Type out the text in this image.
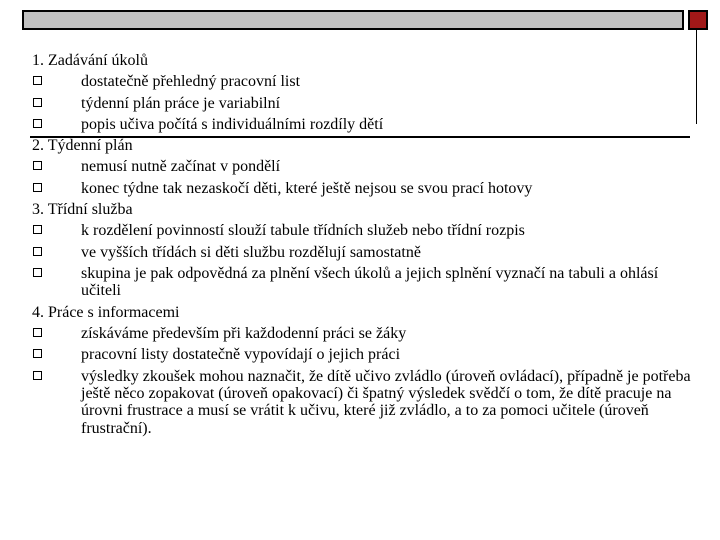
1. Zadávání úkolů
dostatečně přehledný pracovní list
týdenní plán práce je variabilní
popis učiva počítá s individuálními rozdíly dětí
2. Týdenní plán
nemusí nutně začínat v pondělí
konec týdne tak nezaskočí děti, které ještě nejsou se svou prací hotovy
3. Třídní služba
k rozdělení povinností slouží tabule třídních služeb nebo třídní rozpis
ve vyšších třídách si děti službu rozdělují samostatně
skupina je pak odpovědná za plnění všech úkolů a jejich splnění vyznačí na tabuli a ohlásí učiteli
4. Práce s informacemi
získáváme především při každodenní práci se žáky
pracovní listy dostatečně vypovídají o jejich práci
výsledky zkoušek mohou naznačit, že dítě učivo zvládlo (úroveň ovládací), případně je potřeba ještě něco zopakovat (úroveň opakovací) či špatný výsledek svědčí o tom, že dítě pracuje na úrovni frustrace a musí se vrátit k učivu, které již zvládlo, a to za pomoci učitele (úroveň frustrační).
